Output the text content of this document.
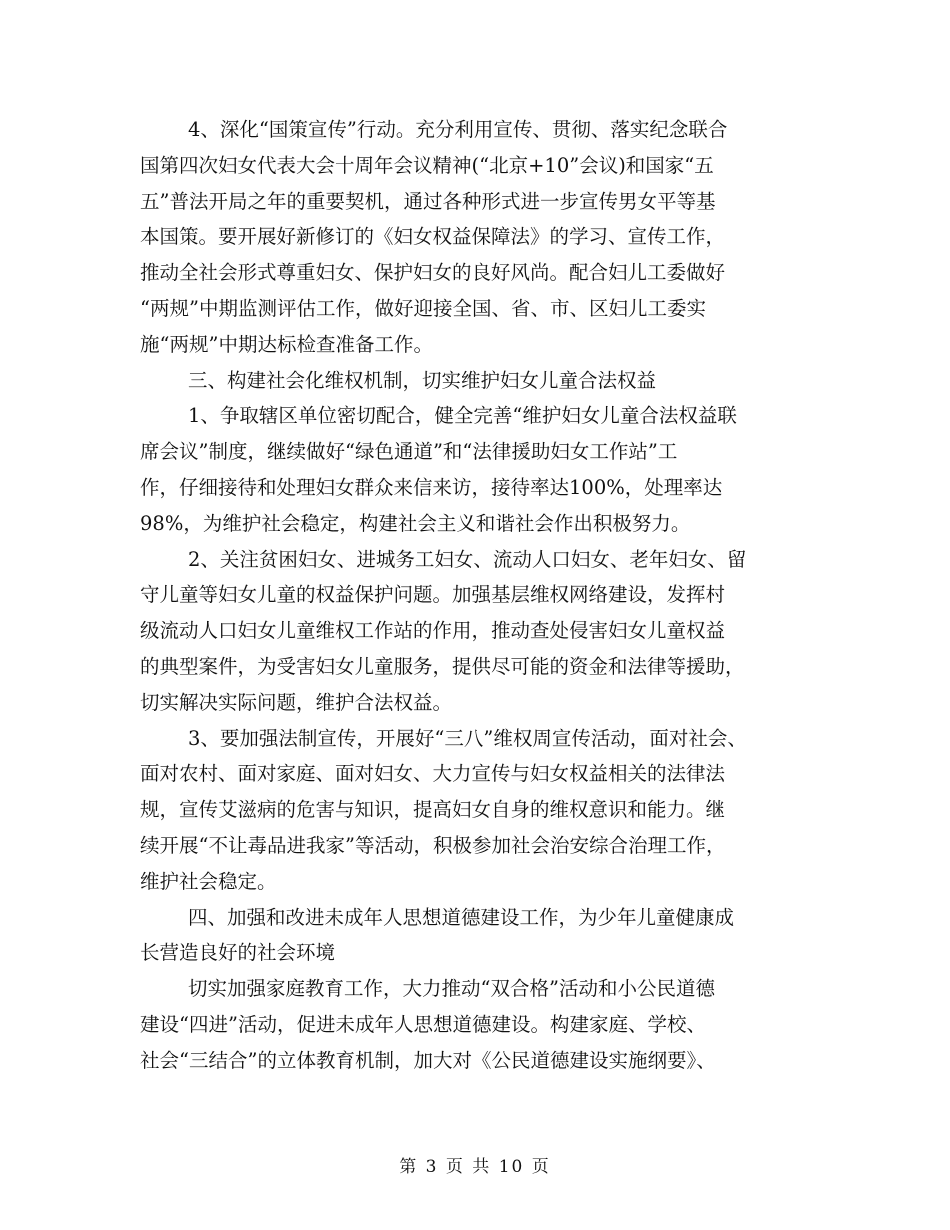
4、深化“国策宣传”行动。充分利用宣传、贯彻、落实纪念联合
国第四次妇女代表大会十周年会议精神(“北京+10”会议)和国家“五
五”普法开局之年的重要契机，通过各种形式进一步宣传男女平等基
本国策。要开展好新修订的《妇女权益保障法》的学习、宣传工作，
推动全社会形式尊重妇女、保护妇女的良好风尚。配合妇儿工委做好
“两规”中期监测评估工作，做好迎接全国、省、市、区妇儿工委实
施“两规”中期达标检查准备工作。
三、构建社会化维权机制，切实维护妇女儿童合法权益
1、争取辖区单位密切配合，健全完善“维护妇女儿童合法权益联
席会议”制度，继续做好“绿色通道”和“法律援助妇女工作站”工
作，仔细接待和处理妇女群众来信来访，接待率达100%，处理率达
98%，为维护社会稳定，构建社会主义和谐社会作出积极努力。
2、关注贫困妇女、进城务工妇女、流动人口妇女、老年妇女、留
守儿童等妇女儿童的权益保护问题。加强基层维权网络建设，发挥村
级流动人口妇女儿童维权工作站的作用，推动查处侵害妇女儿童权益
的典型案件，为受害妇女儿童服务，提供尽可能的资金和法律等援助，
切实解决实际问题，维护合法权益。
3、要加强法制宣传，开展好“三八”维权周宣传活动，面对社会、
面对农村、面对家庭、面对妇女、大力宣传与妇女权益相关的法律法
规，宣传艾滋病的危害与知识，提高妇女自身的维权意识和能力。继
续开展“不让毒品进我家”等活动，积极参加社会治安综合治理工作，
维护社会稳定。
四、加强和改进未成年人思想道德建设工作，为少年儿童健康成
长营造良好的社会环境
切实加强家庭教育工作，大力推动“双合格”活动和小公民道德
建设“四进”活动，促进未成年人思想道德建设。构建家庭、学校、
社会“三结合”的立体教育机制，加大对《公民道德建设实施纲要》、
第 3 页 共 10 页
